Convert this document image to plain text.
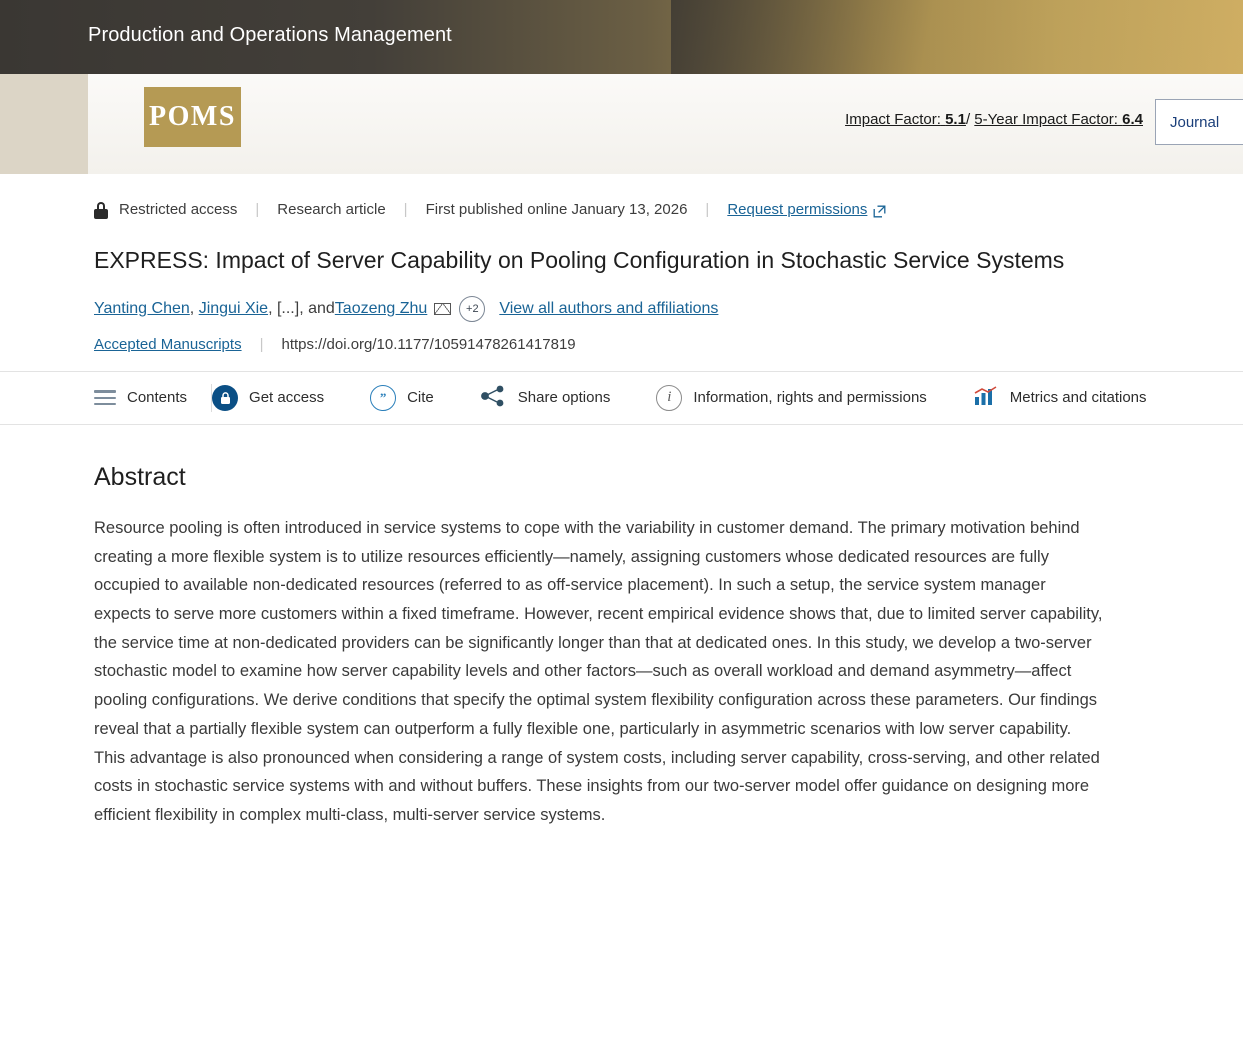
Production and Operations Management
POMS	Impact Factor: 5.1/ 5-Year Impact Factor: 6.4	Journal
Restricted access | Research article | First published online January 13, 2026 | Request permissions
EXPRESS: Impact of Server Capability on Pooling Configuration in Stochastic Service Systems
Yanting Chen ,
Jingui Xie ,
[...] , and Taozeng Zhu	+2	View all authors and affiliations
Accepted Manuscripts | https://doi.org/10.1177/10591478261417819
Contents	Get access	” Cite	Share options	i	Information, rights and permissions	Metrics and citations
Abstract

Resource pooling is often introduced in service systems to cope with the variability in customer demand. The primary motivation behind creating a more flexible system is to utilize resources efficiently—namely, assigning customers whose dedicated resources are fully occupied to available non-dedicated resources (referred to as off-service placement). In such a setup, the service system manager expects to serve more customers within a fixed timeframe. However, recent empirical evidence shows that, due to limited server capability, the service time at non-dedicated providers can be significantly longer than that at dedicated ones. In this study, we develop a two-server stochastic model to examine how server capability levels and other factors—such as overall workload and demand asymmetry—affect pooling configurations. We derive conditions that specify the optimal system flexibility configuration across these parameters. Our findings reveal that a partially flexible system can outperform a fully flexible one, particularly in asymmetric scenarios with low server capability. This advantage is also pronounced when considering a range of system costs, including server capability, cross-serving, and other related costs in stochastic service systems with and without buffers. These insights from our two-server model offer guidance on designing more efficient flexibility in complex multi-class, multi-server service systems.
